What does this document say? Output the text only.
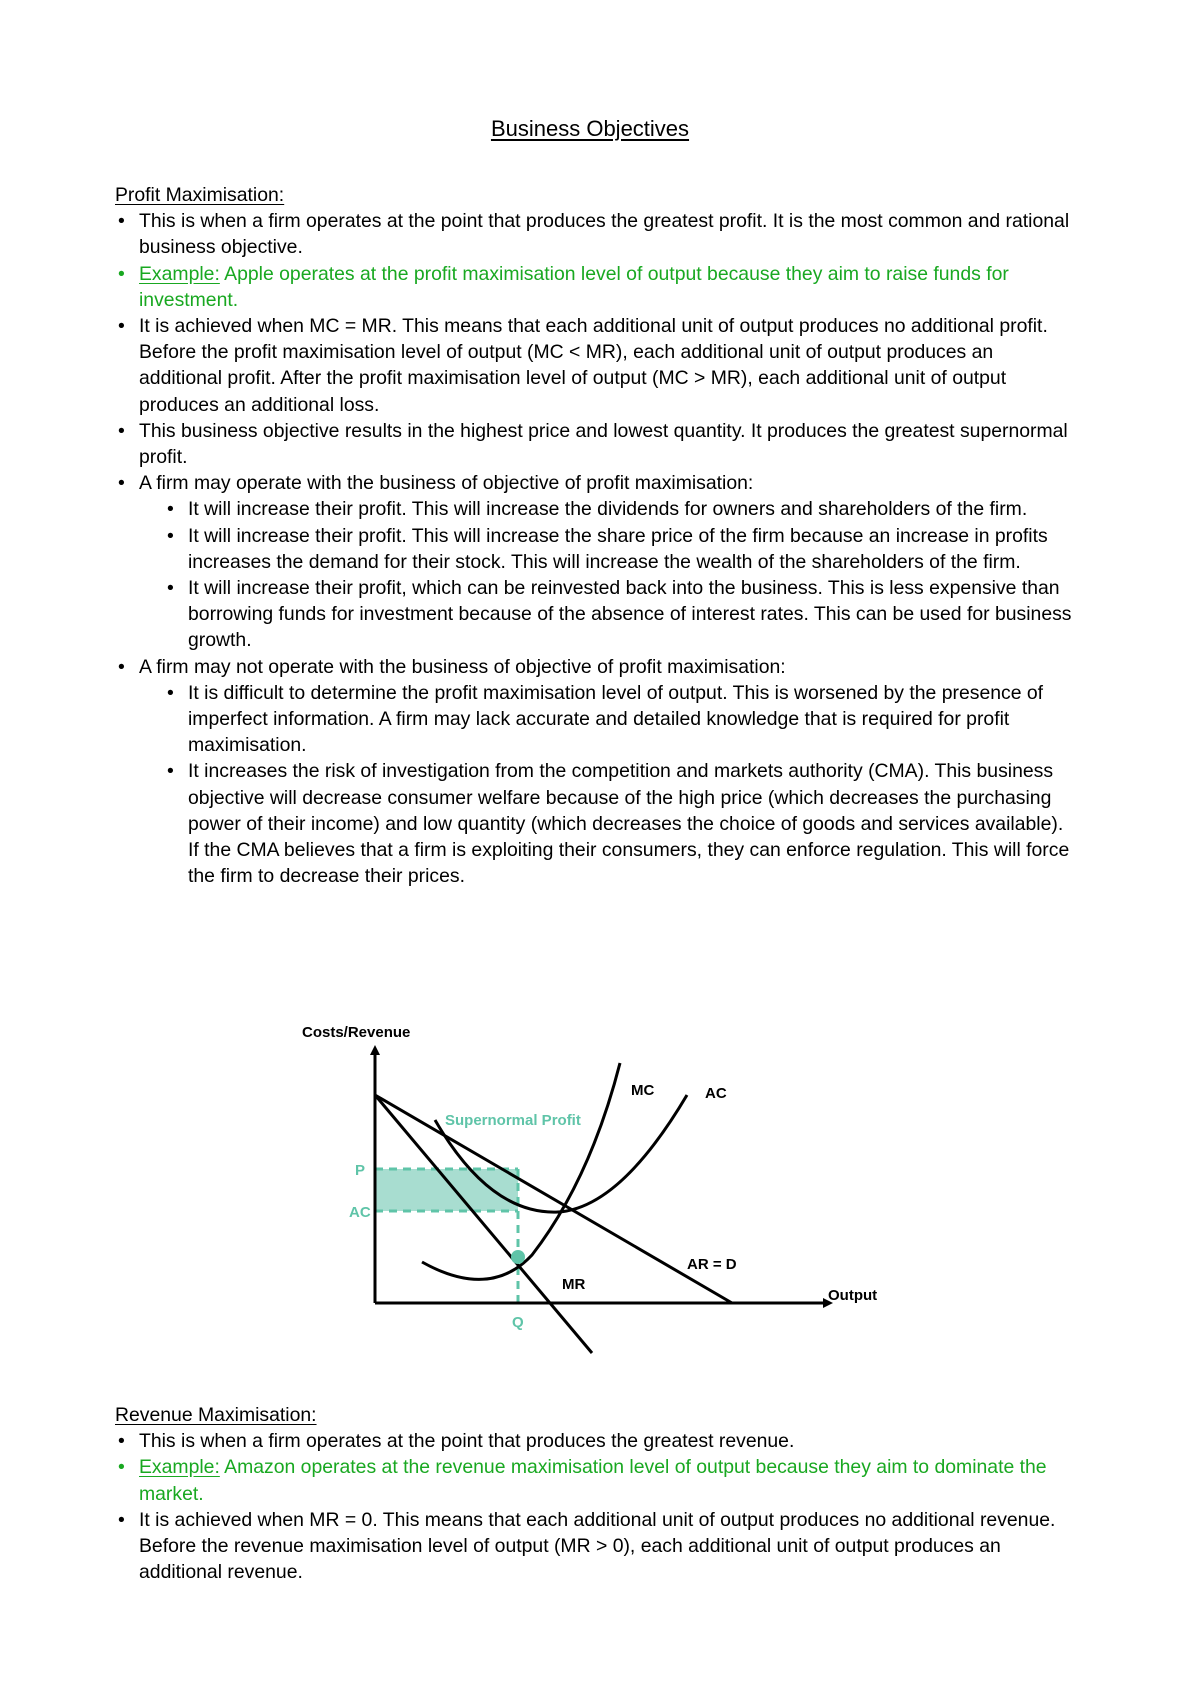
Business Objectives
Profit Maximisation:
• This is when a firm operates at the point that produces the greatest profit. It is the most common and rational business objective.
• Example: Apple operates at the profit maximisation level of output because they aim to raise funds for investment.
• It is achieved when MC = MR. This means that each additional unit of output produces no additional profit. Before the profit maximisation level of output (MC < MR), each additional unit of output produces an additional profit. After the profit maximisation level of output (MC > MR), each additional unit of output produces an additional loss.
• This business objective results in the highest price and lowest quantity. It produces the greatest supernormal profit.
• A firm may operate with the business of objective of profit maximisation:
• It will increase their profit. This will increase the dividends for owners and shareholders of the firm.
• It will increase their profit. This will increase the share price of the firm because an increase in profits increases the demand for their stock. This will increase the wealth of the shareholders of the firm.
• It will increase their profit, which can be reinvested back into the business. This is less expensive than borrowing funds for investment because of the absence of interest rates. This can be used for business growth.
• A firm may not operate with the business of objective of profit maximisation:
• It is difficult to determine the profit maximisation level of output. This is worsened by the presence of imperfect information. A firm may lack accurate and detailed knowledge that is required for profit maximisation.
• It increases the risk of investigation from the competition and markets authority (CMA). This business objective will decrease consumer welfare because of the high price (which decreases the purchasing power of their income) and low quantity (which decreases the choice of goods and services available). If the CMA believes that a firm is exploiting their consumers, they can enforce regulation. This will force the firm to decrease their prices.
Costs/Revenue
Output
MC	AC
MR
AR = D
Supernormal Profit
P
AC
Q
Revenue Maximisation:
• This is when a firm operates at the point that produces the greatest revenue.
• Example: Amazon operates at the revenue maximisation level of output because they aim to dominate the market.
• It is achieved when MR = 0. This means that each additional unit of output produces no additional revenue. Before the revenue maximisation level of output (MR > 0), each additional unit of output produces an additional revenue.
